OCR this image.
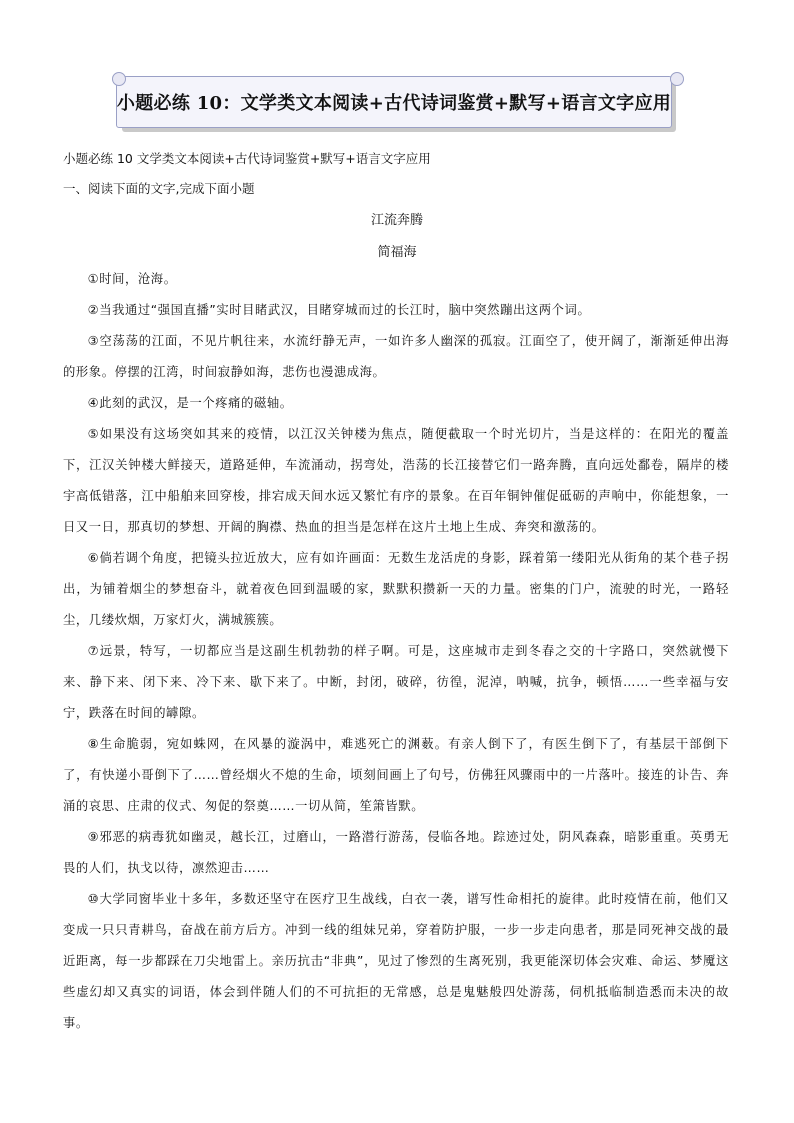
小题必练 10：文学类文本阅读+古代诗词鉴赏+默写+语言文字应用
小题必练 10 文学类文本阅读+古代诗词鉴赏+默写+语言文字应用
一、阅读下面的文字,完成下面小题
江流奔腾
简福海

①时间，沧海。

②当我通过“强国直播”实时目睹武汉，目睹穿城而过的长江时，脑中突然蹦出这两个词。

③空荡荡的江面，不见片帆往来，水流纡静无声，一如许多人幽深的孤寂。江面空了，使开阔了，渐渐延伸出海的形象。停摆的江湾，时间寂静如海，悲伤也漫漶成海。

④此刻的武汉，是一个疼痛的磁轴。

⑤如果没有这场突如其来的疫情，以江汉关钟楼为焦点，随便截取一个时光切片，当是这样的：在阳光的覆盖下，江汉关钟楼大鲜接天，道路延伸，车流涌动，拐弯处，浩荡的长江接替它们一路奔腾，直向远处鄱卷，隔岸的楼宇高低错落，江中船舶来回穿梭，排宕成天间水远又繁忙有序的景象。在百年铜钟催促砥砺的声响中，你能想象，一日又一日，那真切的梦想、开阔的胸襟、热血的担当是怎样在这片土地上生成、奔突和激荡的。

⑥倘若调个角度，把镜头拉近放大，应有如许画面：无数生龙活虎的身影，踩着第一缕阳光从街角的某个巷子拐出，为铺着烟尘的梦想奋斗，就着夜色回到温暖的家，默默积攒新一天的力量。密集的门户，流驶的时光，一路轻尘，几缕炊烟，万家灯火，满城簇簇。

⑦远景，特写，一切都应当是这副生机勃勃的样子啊。可是，这座城市走到冬春之交的十字路口，突然就慢下来、静下来、闭下来、冷下来、歇下来了。中断，封闭，破碎，彷徨，泥淖，呐喊，抗争，顿悟……一些幸福与安宁，跌落在时间的罅隙。

⑧生命脆弱，宛如蛛网，在风暴的漩涡中，难逃死亡的渊薮。有亲人倒下了，有医生倒下了，有基层干部倒下了，有快递小哥倒下了……曾经烟火不熄的生命，顷刻间画上了句号，仿佛狂风骤雨中的一片落叶。接连的讣告、奔涌的哀思、庄肃的仪式、匆促的祭奠……一切从简，笙箫皆默。

⑨邪恶的病毒犹如幽灵，越长江，过磨山，一路潜行游荡，侵临各地。踪迹过处，阴风森森，暗影重重。英勇无畏的人们，执戈以待，凛然迎击……

⑩大学同窗毕业十多年，多数还坚守在医疗卫生战线，白衣一袭，谱写性命相托的旋律。此时疫情在前，他们又变成一只只青耕鸟，奋战在前方后方。冲到一线的组妹兄弟，穿着防护服，一步一步走向患者，那是同死神交战的最近距离，每一步都踩在刀尖地雷上。亲历抗击“非典”，见过了惨烈的生离死别，我更能深切体会灾难、命运、梦魇这些虚幻却又真实的词语，体会到伴随人们的不可抗拒的无常感，总是鬼魅般四处游荡，伺机抵临制造悉而未决的故事。
